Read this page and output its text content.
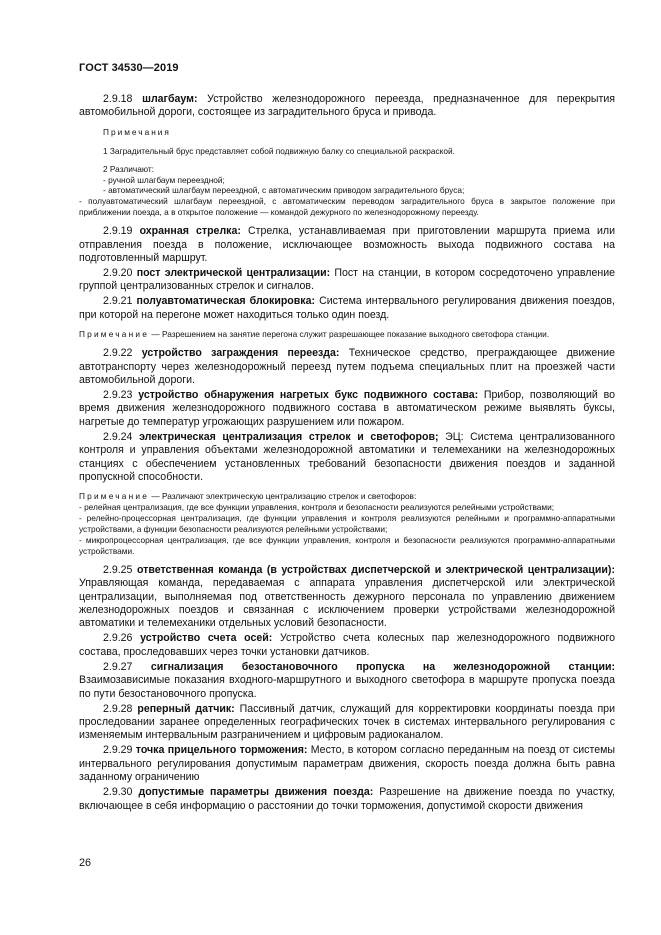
ГОСТ 34530—2019

2.9.18 шлагбаум: Устройство железнодорожного переезда, предназначенное для перекрытия автомобильной дороги, состоящее из заградительного бруса и привода.

Примечания
1 Заградительный брус представляет собой подвижную балку со специальной раскраской.
2 Различают:
- ручной шлагбаум переездной;
- автоматический шлагбаум переездной, с автоматическим приводом заградительного бруса;
- полуавтоматический шлагбаум переездной, с автоматическим переводом заградительного бруса в закрытое положение при приближении поезда, а в открытое положение — командой дежурного по железнодорожному переезду.

2.9.19 охранная стрелка: Стрелка, устанавливаемая при приготовлении маршрута приема или отправления поезда в положение, исключающее возможность выхода подвижного состава на подготовленный маршрут.

2.9.20 пост электрической централизации: Пост на станции, в котором сосредоточено управление группой централизованных стрелок и сигналов.

2.9.21 полуавтоматическая блокировка: Система интервального регулирования движения поездов, при которой на перегоне может находиться только один поезд.

Примечание — Разрешением на занятие перегона служит разрешающее показание выходного светофора станции.

2.9.22 устройство заграждения переезда: Техническое средство, преграждающее движение автотранспорту через железнодорожный переезд путем подъема специальных плит на проезжей части автомобильной дороги.

2.9.23 устройство обнаружения нагретых букс подвижного состава: Прибор, позволяющий во время движения железнодорожного подвижного состава в автоматическом режиме выявлять буксы, нагретые до температур угрожающих разрушением или пожаром.

2.9.24 электрическая централизация стрелок и светофоров; ЭЦ: Система централизованного контроля и управления объектами железнодорожной автоматики и телемеханики на железнодорожных станциях с обеспечением установленных требований безопасности движения поездов и заданной пропускной способности.

Примечание — Различают электрическую централизацию стрелок и светофоров:
- релейная централизация, где все функции управления, контроля и безопасности реализуются релейными устройствами;
- релейно-процессорная централизация, где функции управления и контроля реализуются релейными и программно-аппаратными устройствами, а функции безопасности реализуются релейными устройствами;
- микропроцессорная централизация, где все функции управления, контроля и безопасности реализуются программно-аппаратными устройствами.

2.9.25 ответственная команда (в устройствах диспетчерской и электрической централизации): Управляющая команда, передаваемая с аппарата управления диспетчерской или электрической централизации, выполняемая под ответственность дежурного персонала по управлению движением железнодорожных поездов и связанная с исключением проверки устройствами железнодорожной автоматики и телемеханики отдельных условий безопасности.

2.9.26 устройство счета осей: Устройство счета колесных пар железнодорожного подвижного состава, проследовавших через точки установки датчиков.

2.9.27 сигнализация безостановочного пропуска на железнодорожной станции: Взаимозависимые показания входного-маршрутного и выходного светофора в маршруте пропуска поезда по пути безостановочного пропуска.

2.9.28 реперный датчик: Пассивный датчик, служащий для корректировки координаты поезда при проследовании заранее определенных географических точек в системах интервального регулирования с изменяемым интервальным разграничением и цифровым радиоканалом.

2.9.29 точка прицельного торможения: Место, в котором согласно переданным на поезд от системы интервального регулирования допустимым параметрам движения, скорость поезда должна быть равна заданному ограничению

2.9.30 допустимые параметры движения поезда: Разрешение на движение поезда по участку, включающее в себя информацию о расстоянии до точки торможения, допустимой скорости движения

26
